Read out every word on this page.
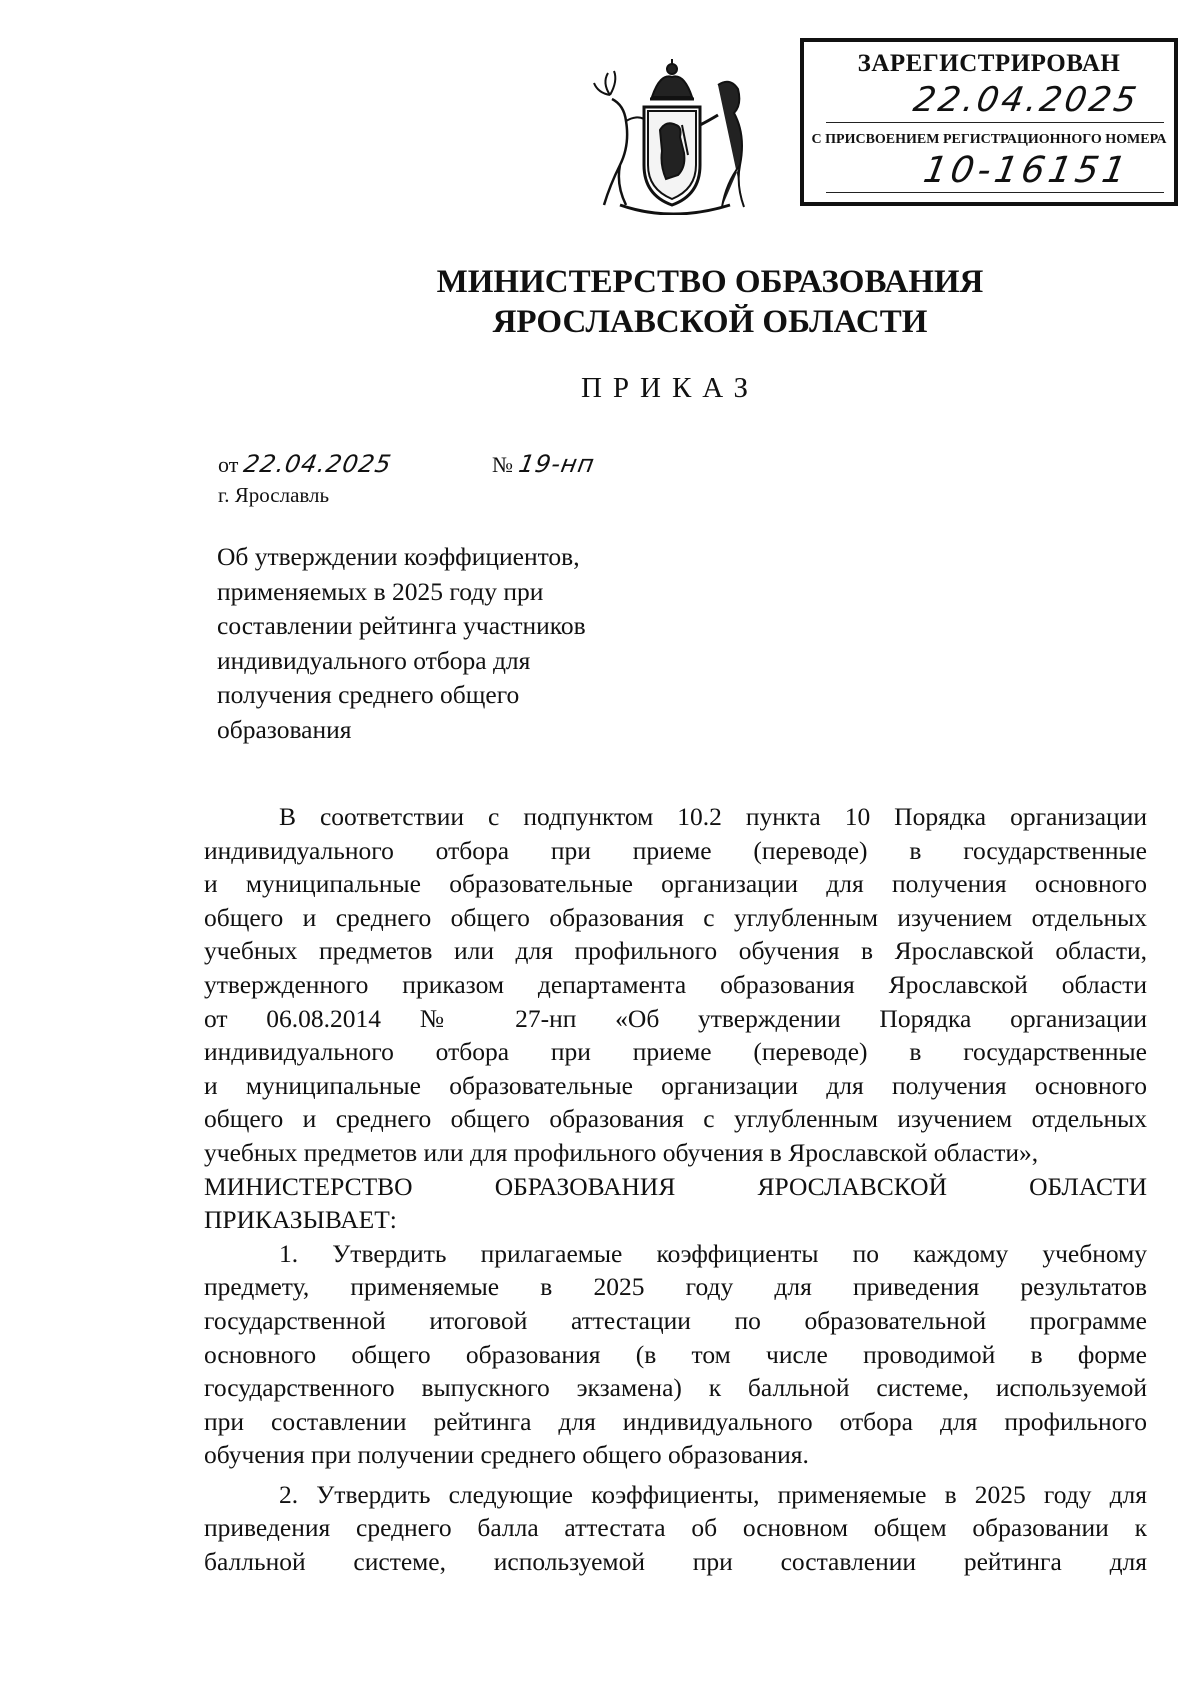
ЗАРЕГИСТРИРОВАН
22.04.2025
С ПРИСВОЕНИЕМ РЕГИСТРАЦИОННОГО НОМЕРА
10-16151
МИНИСТЕРСТВО ОБРАЗОВАНИЯ
ЯРОСЛАВСКОЙ ОБЛАСТИ
ПРИКАЗ
от 22.04.2025	№ 19-нп
г. Ярославль
Об утверждении коэффициентов,
применяемых в 2025 году при
составлении рейтинга участников
индивидуального отбора для
получения среднего общего
образования
В соответствии с подпунктом 10.2 пункта 10 Порядка организации
индивидуального отбора при приеме (переводе) в государственные
и муниципальные образовательные организации для получения основного
общего и среднего общего образования с углубленным изучением отдельных
учебных предметов или для профильного обучения в Ярославской области,
утвержденного приказом департамента образования Ярославской области
от 06.08.2014 № 27-нп «Об утверждении Порядка организации
индивидуального отбора при приеме (переводе) в государственные
и муниципальные образовательные организации для получения основного
общего и среднего общего образования с углубленным изучением отдельных
учебных предметов или для профильного обучения в Ярославской области»,
МИНИСТЕРСТВО ОБРАЗОВАНИЯ ЯРОСЛАВСКОЙ ОБЛАСТИ
ПРИКАЗЫВАЕТ:
1. Утвердить прилагаемые коэффициенты по каждому учебному
предмету, применяемые в 2025 году для приведения результатов
государственной итоговой аттестации по образовательной программе
основного общего образования (в том числе проводимой в форме
государственного выпускного экзамена) к балльной системе, используемой
при составлении рейтинга для индивидуального отбора для профильного
обучения при получении среднего общего образования.
2. Утвердить следующие коэффициенты, применяемые в 2025 году для
приведения среднего балла аттестата об основном общем образовании к
балльной системе, используемой при составлении рейтинга для
